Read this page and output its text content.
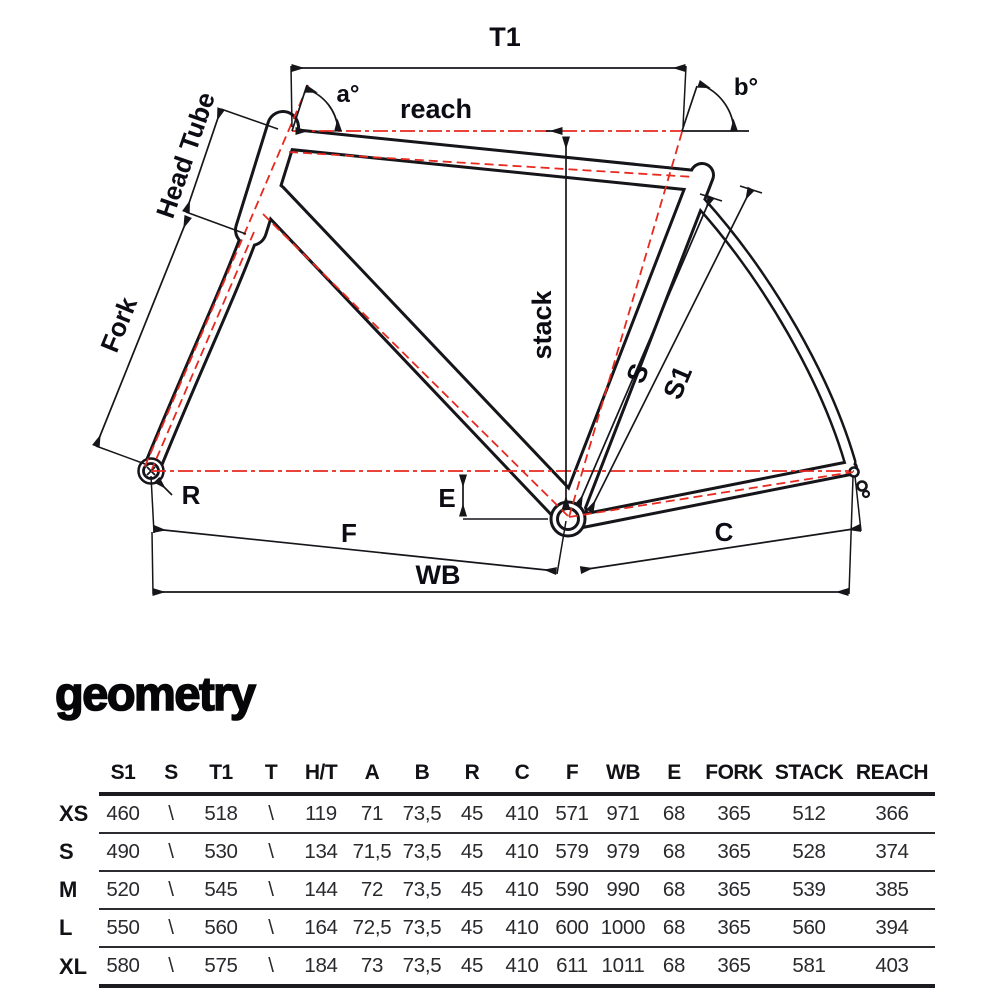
T1
a°	b°
reach
stack
Head Tube
Fork
R
S S1
E
F	C
WB
geometry
	S1	S	T1	T	H/T	A	B	R	C	F	WB	E	FORK	STACK	REACH
XS	460	\	518	\	119	71	73,5	45	410	571	971	68	365	512	366
S	490	\	530	\	134	71,5	73,5	45	410	579	979	68	365	528	374
M	520	\	545	\	144	72	73,5	45	410	590	990	68	365	539	385
L	550	\	560	\	164	72,5	73,5	45	410	600	1000	68	365	560	394
XL	580	\	575	\	184	73	73,5	45	410	611	1011	68	365	581	403
